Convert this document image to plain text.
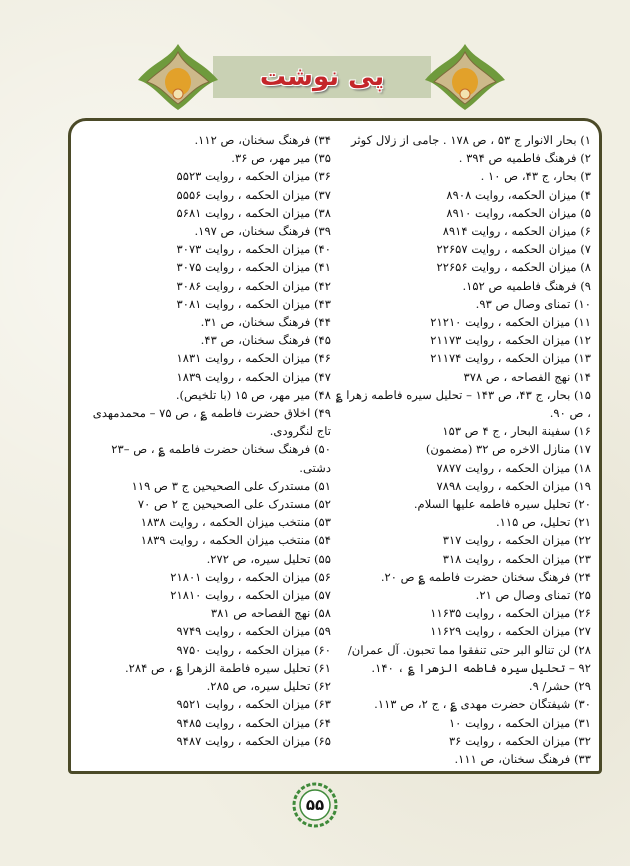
پی نوشت

۱) بحار الانوار ج ۵۳ ، ص ۱۷۸ . جامی از زلال کوثر

۲) فرهنگ فاطمیه ص ۳۹۴ .

۳) بحار، ج ۴۳، ص ۱۰ .

۴) میزان الحکمه، روایت ۸۹۰۸

۵) میزان الحکمه، روایت ۸۹۱۰

۶) میزان الحکمه ، روایت ۸۹۱۴

۷) میزان الحکمه ، روایت ۲۲۶۵۷

۸) میزان الحکمه ، روایت ۲۲۶۵۶

۹) فرهنگ فاطمیه ص ۱۵۲.

۱۰) تمنای وصال ص ۹۳.

۱۱) میزان الحکمه ، روایت ۲۱۲۱۰

۱۲) میزان الحکمه ، روایت ۲۱۱۷۳

۱۳) میزان الحکمه ، روایت ۲۱۱۷۴

۱۴) نهج الفصاحه ، ص ۳۷۸

۱۵) بحار، ج ۴۳، ص ۱۴۳ – تحلیل سیره فاطمه زهرا ؏ ، ص ۹۰.

۱۶) سفینة البحار ، ج ۴ ص ۱۵۳

۱۷) منازل الاخره ص ۳۲ (مضمون)

۱۸) میزان الحکمه ، روایت ۷۸۷۷

۱۹) میزان الحکمه ، روایت ۷۸۹۸

۲۰) تحلیل سیره فاطمه علیها السلام.

۲۱) تحلیل، ص ۱۱۵.

۲۲) میزان الحکمه ، روایت ۳۱۷

۲۳) میزان الحکمه ، روایت ۳۱۸

۲۴) فرهنگ سخنان حضرت فاطمه ؏ ص ۲۰.

۲۵) تمنای وصال ص ۲۱.

۲۶) میزان الحکمه ، روایت ۱۱۶۳۵

۲۷) میزان الحکمه ، روایت ۱۱۶۲۹

۲۸) لن تنالو البر حتی تنفقوا مما تحبون. آل عمران/ ۹۲ – تحلیل سیره فاطمه الزهرا ؏ ، ۱۴۰.

۲۹) حشر/ ۹.

۳۰) شیفتگان حضرت مهدی ؏ ، ج ۲، ص ۱۱۳.

۳۱) میزان الحکمه ، روایت ۱۰

۳۲) میزان الحکمه ، روایت ۳۶

۳۳) فرهنگ سخنان، ص ۱۱۱.

۳۴) فرهنگ سخنان، ص ۱۱۲.

۳۵) میر مهر، ص ۳۶.

۳۶) میزان الحکمه ، روایت ۵۵۲۳

۳۷) میزان الحکمه ، روایت ۵۵۵۶

۳۸) میزان الحکمه ، روایت ۵۶۸۱

۳۹) فرهنگ سخنان، ص ۱۹۷.

۴۰) میزان الحکمه ، روایت ۳۰۷۳

۴۱) میزان الحکمه ، روایت ۳۰۷۵

۴۲) میزان الحکمه ، روایت ۳۰۸۶

۴۳) میزان الحکمه ، روایت ۳۰۸۱

۴۴) فرهنگ سخنان، ص ۳۱.

۴۵) فرهنگ سخنان، ص ۴۳.

۴۶) میزان الحکمه ، روایت ۱۸۳۱

۴۷) میزان الحکمه ، روایت ۱۸۳۹

۴۸) میر مهر، ص ۱۵ (با تلخیص).

۴۹) اخلاق حضرت فاطمه ؏ ، ص ۷۵ – محمدمهدی تاج لنگرودی.

۵۰) فرهنگ سخنان حضرت فاطمه ؏ ، ص –۲۳ دشتی.

۵۱) مستدرک علی الصحیحین ج ۳ ص ۱۱۹

۵۲) مستدرک علی الصحیحین ج ۲ ص ۷۰

۵۳) منتخب میزان الحکمه ، روایت ۱۸۳۸

۵۴) منتخب میزان الحکمه ، روایت ۱۸۳۹

۵۵) تحلیل سیره، ص ۲۷۲.

۵۶) میزان الحکمه ، روایت ۲۱۸۰۱

۵۷) میزان الحکمه ، روایت ۲۱۸۱۰

۵۸) نهج الفصاحه ص ۳۸۱

۵۹) میزان الحکمه ، روایت ۹۷۴۹

۶۰) میزان الحکمه ، روایت ۹۷۵۰

۶۱) تحلیل سیره فاطمة الزهرا ؏ ، ص ۲۸۴.

۶۲) تحلیل سیره، ص ۲۸۵.

۶۳) میزان الحکمه ، روایت ۹۵۲۱

۶۴) میزان الحکمه ، روایت ۹۴۸۵

۶۵) میزان الحکمه ، روایت ۹۴۸۷

۵۵
